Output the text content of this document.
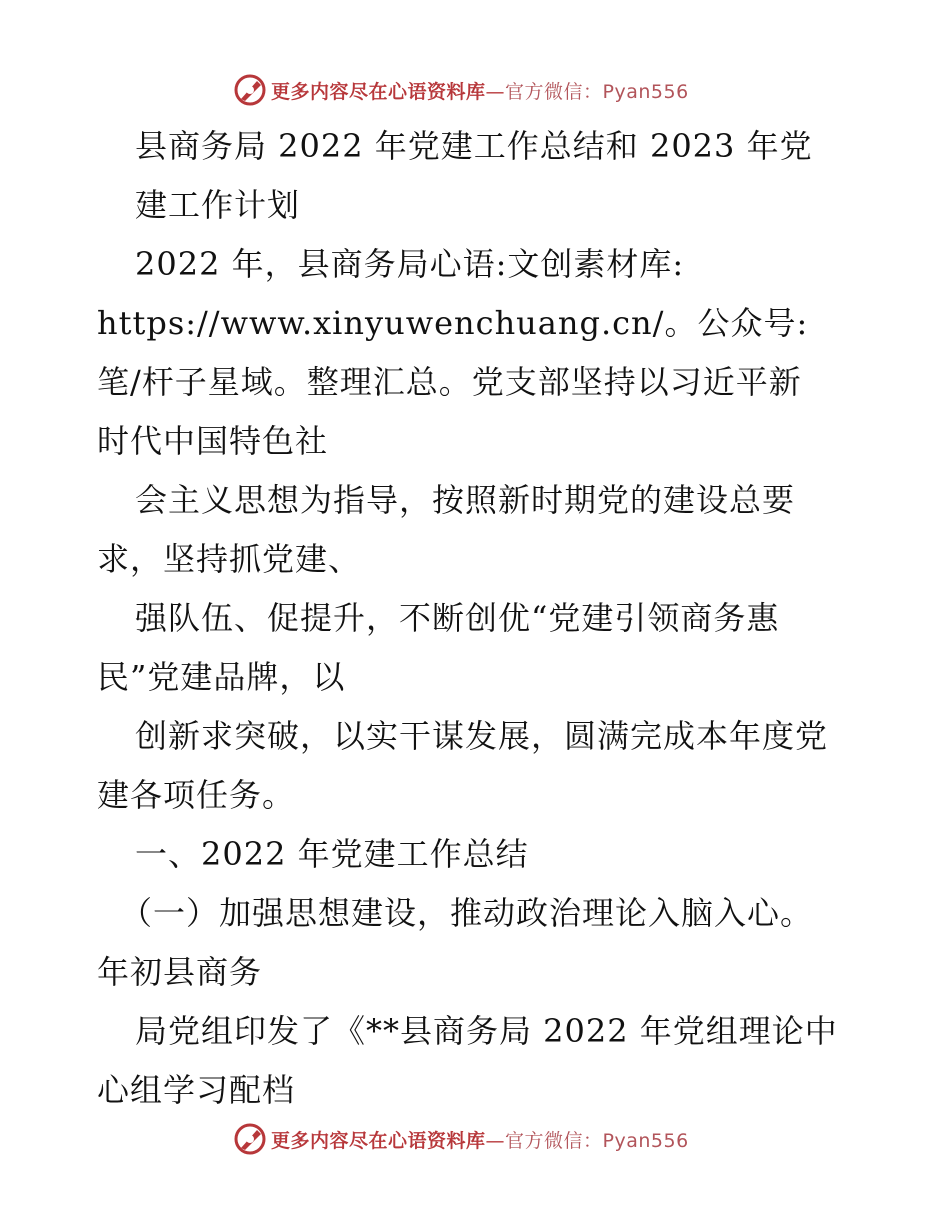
更多内容尽在心语资料库—官方微信：Pyan556
县商务局 2022 年党建工作总结和 2023 年党
建工作计划
2022 年，县商务局心语:文创素材库:
https://www.xinyuwenchuang.cn/。公众号:
笔/杆子星域。整理汇总。党支部坚持以习近平新
时代中国特色社
会主义思想为指导，按照新时期党的建设总要
求，坚持抓党建、
强队伍、促提升，不断创优“党建引领商务惠
民”党建品牌，以
创新求突破，以实干谋发展，圆满完成本年度党
建各项任务。
一、2022 年党建工作总结
（一）加强思想建设，推动政治理论入脑入心。
年初县商务
局党组印发了《**县商务局 2022 年党组理论中
心组学习配档
更多内容尽在心语资料库—官方微信：Pyan556
